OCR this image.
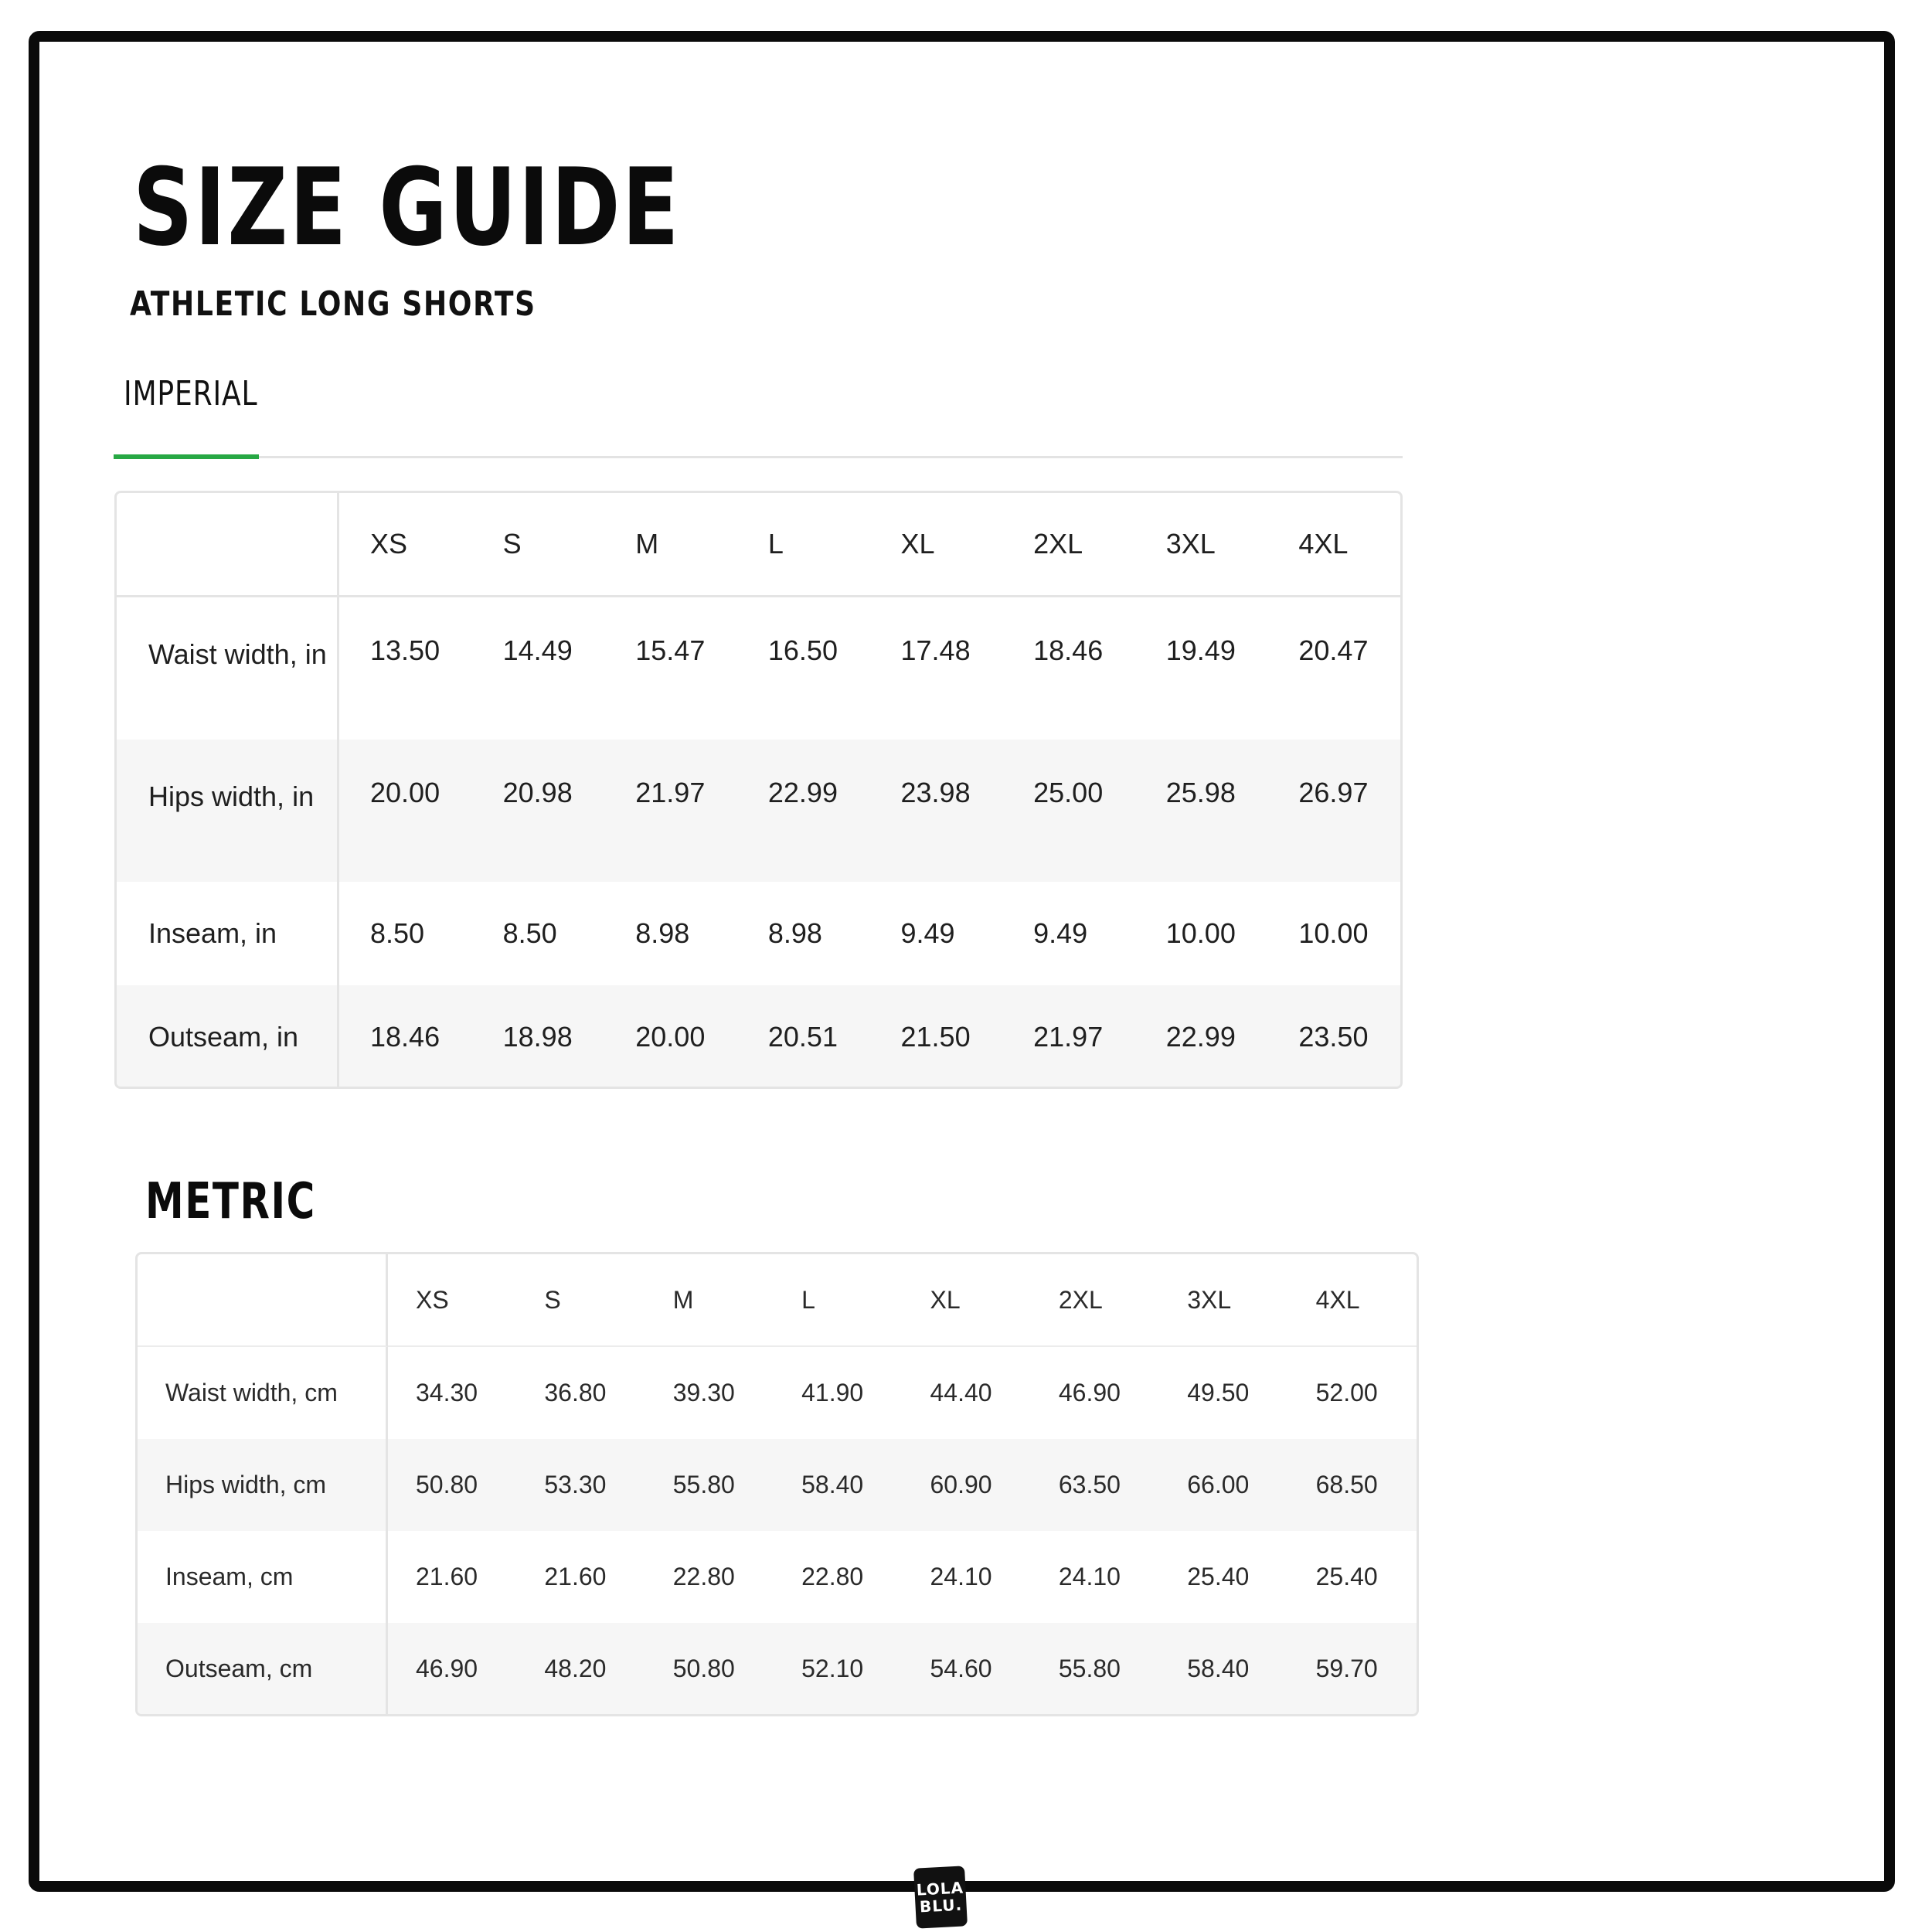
SIZE GUIDE
ATHLETIC LONG SHORTS
IMPERIAL
	XS	S	M	L	XL	2XL	3XL	4XL
Waist width, in	13.50	14.49	15.47	16.50	17.48	18.46	19.49	20.47
Hips width, in	20.00	20.98	21.97	22.99	23.98	25.00	25.98	26.97
Inseam, in	8.50	8.50	8.98	8.98	9.49	9.49	10.00	10.00
Outseam, in	18.46	18.98	20.00	20.51	21.50	21.97	22.99	23.50
METRIC
	XS	S	M	L	XL	2XL	3XL	4XL
Waist width, cm	34.30	36.80	39.30	41.90	44.40	46.90	49.50	52.00
Hips width, cm	50.80	53.30	55.80	58.40	60.90	63.50	66.00	68.50
Inseam, cm	21.60	21.60	22.80	22.80	24.10	24.10	25.40	25.40
Outseam, cm	46.90	48.20	50.80	52.10	54.60	55.80	58.40	59.70
LOLA
BLU.
